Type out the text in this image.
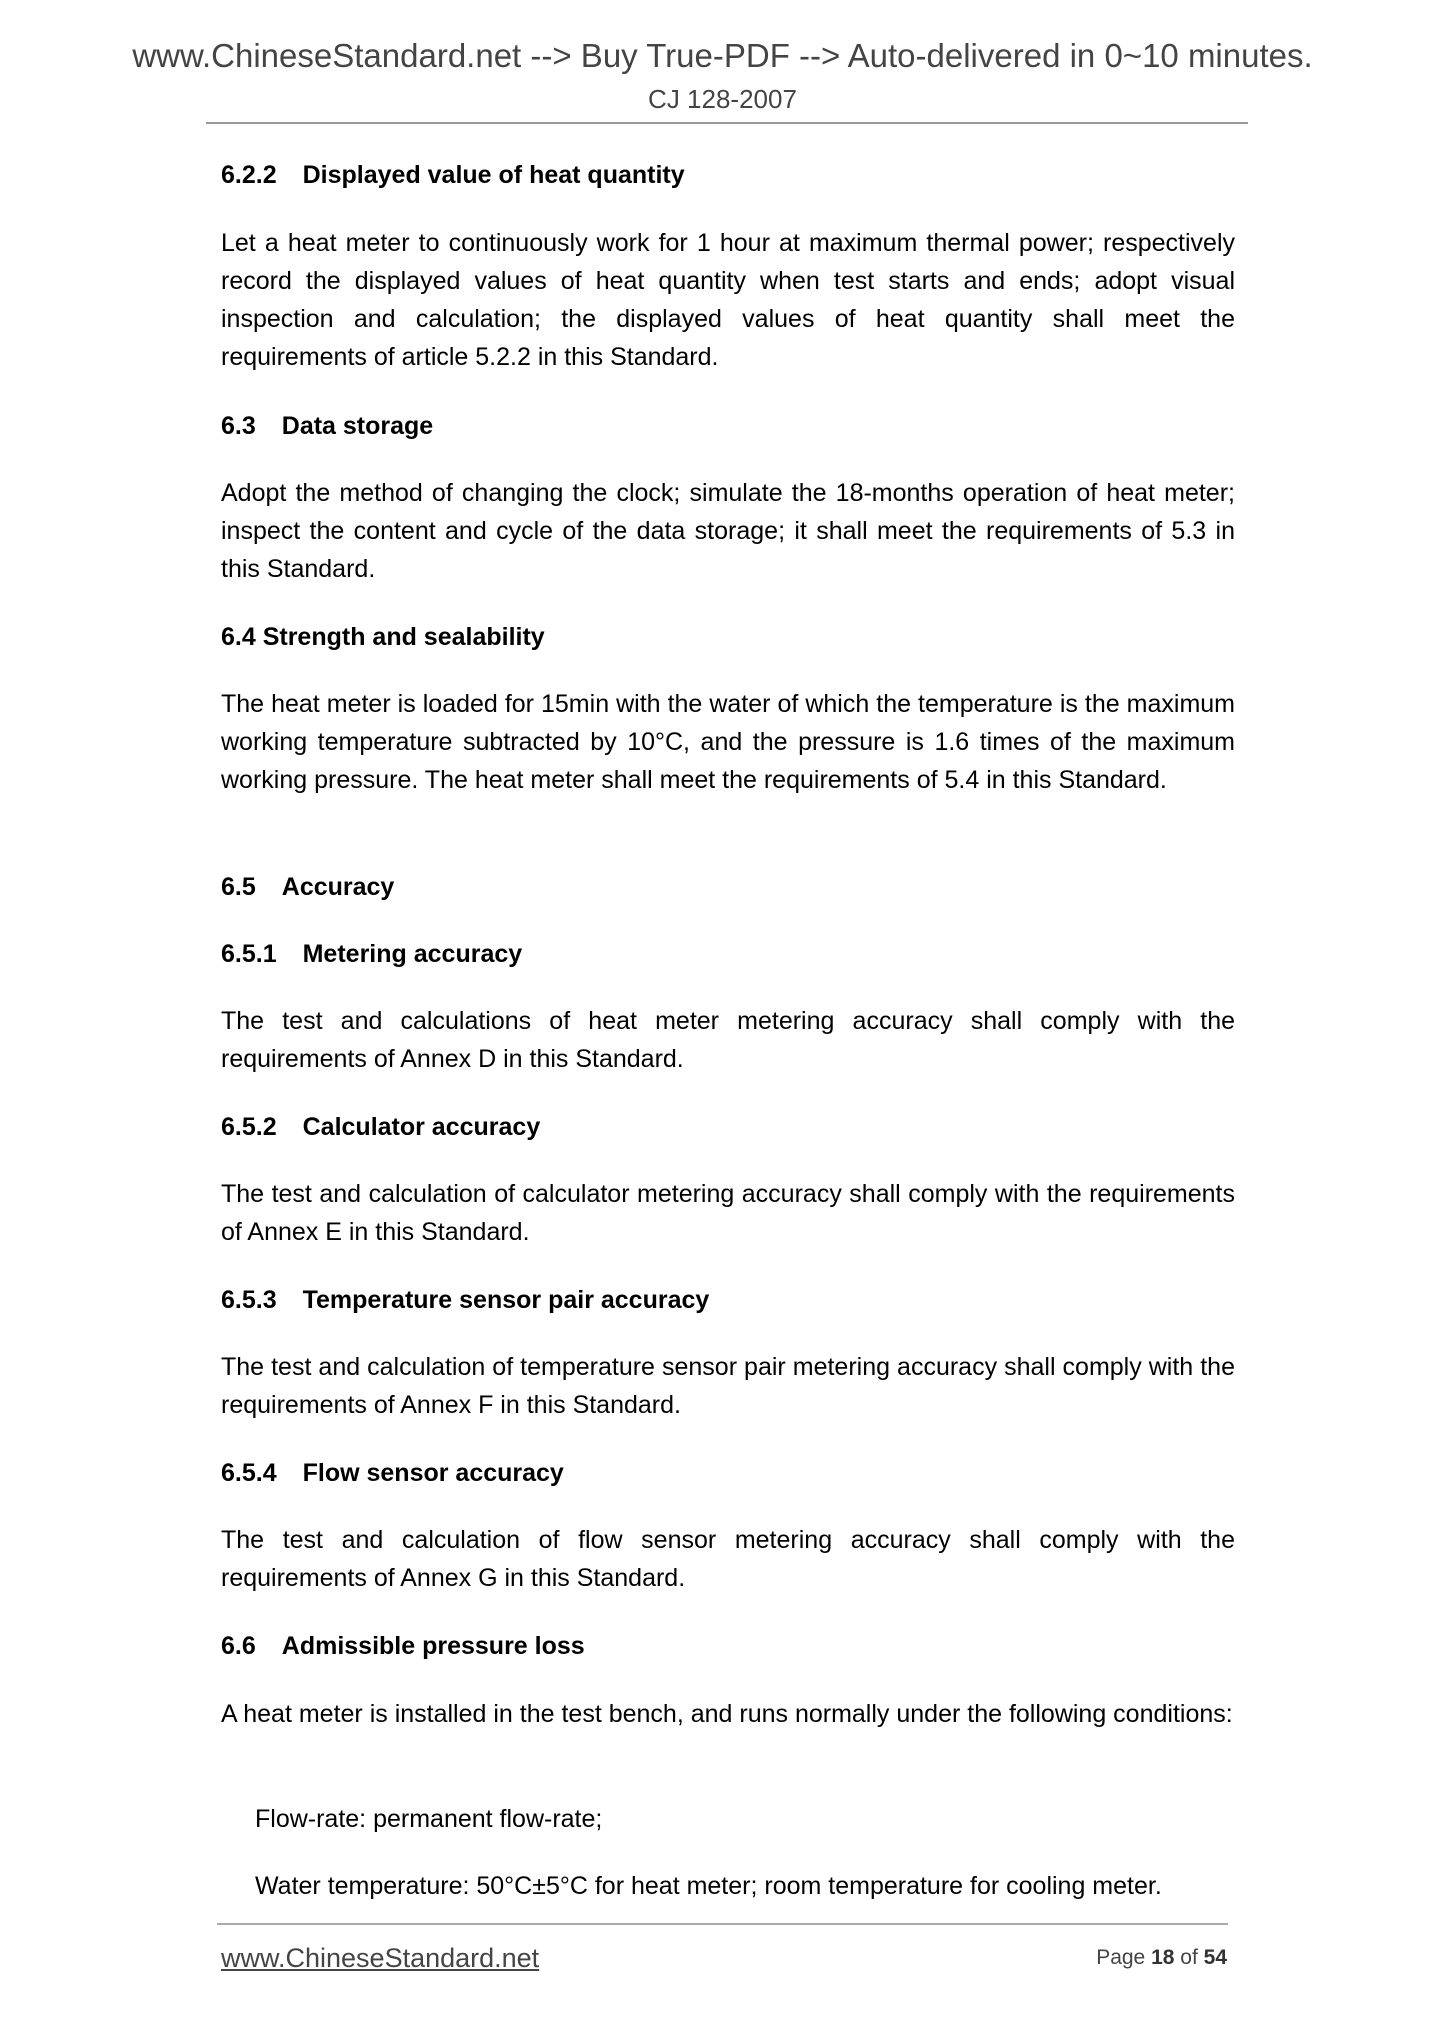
www.ChineseStandard.net --> Buy True-PDF --> Auto-delivered in 0~10 minutes.
CJ 128-2007
6.2.2 Displayed value of heat quantity
Let a heat meter to continuously work for 1 hour at maximum thermal power; respectively record the displayed values of heat quantity when test starts and ends; adopt visual inspection and calculation; the displayed values of heat quantity shall meet the requirements of article 5.2.2 in this Standard.
6.3 Data storage
Adopt the method of changing the clock; simulate the 18-months operation of heat meter; inspect the content and cycle of the data storage; it shall meet the requirements of 5.3 in this Standard.
6.4 Strength and sealability
The heat meter is loaded for 15min with the water of which the temperature is the maximum working temperature subtracted by 10°C, and the pressure is 1.6 times of the maximum working pressure. The heat meter shall meet the requirements of 5.4 in this Standard.
6.5 Accuracy
6.5.1 Metering accuracy
The test and calculations of heat meter metering accuracy shall comply with the requirements of Annex D in this Standard.
6.5.2 Calculator accuracy
The test and calculation of calculator metering accuracy shall comply with the requirements of Annex E in this Standard.
6.5.3 Temperature sensor pair accuracy
The test and calculation of temperature sensor pair metering accuracy shall comply with the requirements of Annex F in this Standard.
6.5.4 Flow sensor accuracy
The test and calculation of flow sensor metering accuracy shall comply with the requirements of Annex G in this Standard.
6.6 Admissible pressure loss
A heat meter is installed in the test bench, and runs normally under the following conditions:
Flow-rate: permanent flow-rate;
Water temperature: 50°C±5°C for heat meter; room temperature for cooling meter.
www.ChineseStandard.net	Page 18 of 54
